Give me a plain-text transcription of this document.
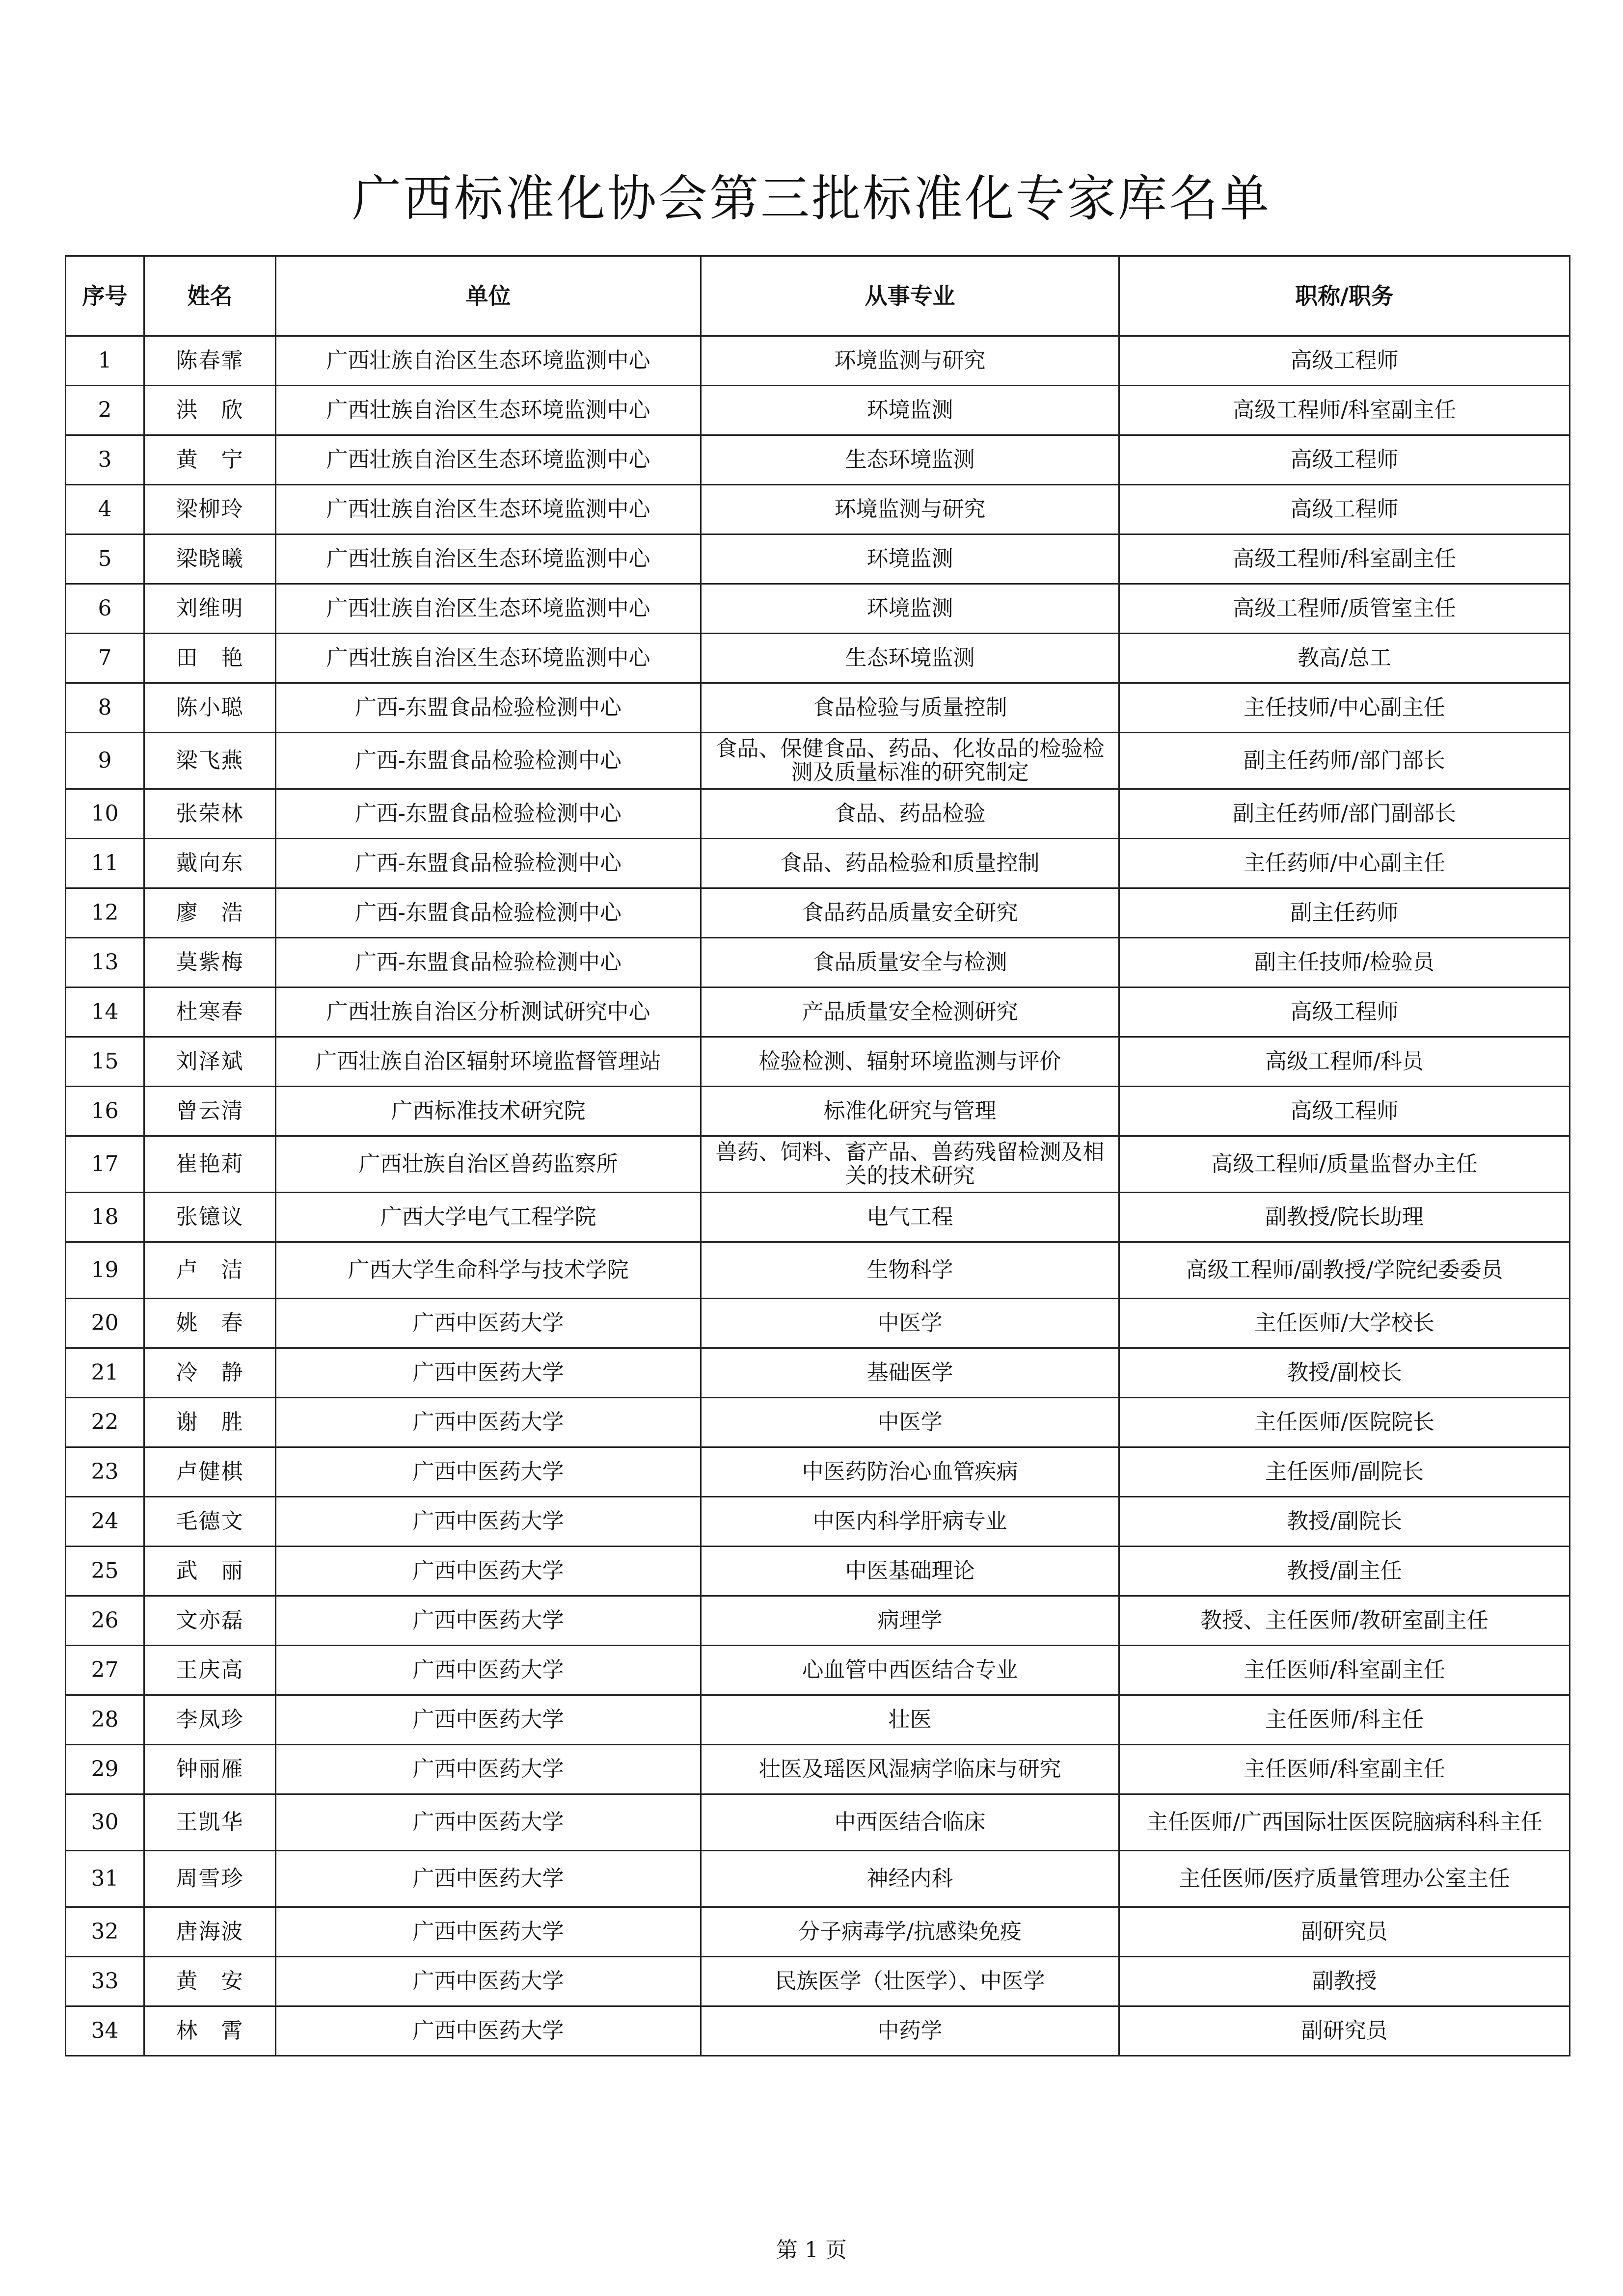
广西标准化协会第三批标准化专家库名单
序号	姓名	单位	从事专业	职称/职务
1	陈春霏	广西壮族自治区生态环境监测中心	环境监测与研究	高级工程师
2	洪　欣	广西壮族自治区生态环境监测中心	环境监测	高级工程师/科室副主任
3	黄　宁	广西壮族自治区生态环境监测中心	生态环境监测	高级工程师
4	梁柳玲	广西壮族自治区生态环境监测中心	环境监测与研究	高级工程师
5	梁晓曦	广西壮族自治区生态环境监测中心	环境监测	高级工程师/科室副主任
6	刘维明	广西壮族自治区生态环境监测中心	环境监测	高级工程师/质管室主任
7	田　艳	广西壮族自治区生态环境监测中心	生态环境监测	教高/总工
8	陈小聪	广西-东盟食品检验检测中心	食品检验与质量控制	主任技师/中心副主任
9	梁飞燕	广西-东盟食品检验检测中心	食品、保健食品、药品、化妆品的检验检测及质量标准的研究制定	副主任药师/部门部长
10	张荣林	广西-东盟食品检验检测中心	食品、药品检验	副主任药师/部门副部长
11	戴向东	广西-东盟食品检验检测中心	食品、药品检验和质量控制	主任药师/中心副主任
12	廖　浩	广西-东盟食品检验检测中心	食品药品质量安全研究	副主任药师
13	莫紫梅	广西-东盟食品检验检测中心	食品质量安全与检测	副主任技师/检验员
14	杜寒春	广西壮族自治区分析测试研究中心	产品质量安全检测研究	高级工程师
15	刘泽斌	广西壮族自治区辐射环境监督管理站	检验检测、辐射环境监测与评价	高级工程师/科员
16	曾云清	广西标准技术研究院	标准化研究与管理	高级工程师
17	崔艳莉	广西壮族自治区兽药监察所	兽药、饲料、畜产品、兽药残留检测及相关的技术研究	高级工程师/质量监督办主任
18	张镱议	广西大学电气工程学院	电气工程	副教授/院长助理
19	卢　洁	广西大学生命科学与技术学院	生物科学	高级工程师/副教授/学院纪委委员
20	姚　春	广西中医药大学	中医学	主任医师/大学校长
21	冷　静	广西中医药大学	基础医学	教授/副校长
22	谢　胜	广西中医药大学	中医学	主任医师/医院院长
23	卢健棋	广西中医药大学	中医药防治心血管疾病	主任医师/副院长
24	毛德文	广西中医药大学	中医内科学肝病专业	教授/副院长
25	武　丽	广西中医药大学	中医基础理论	教授/副主任
26	文亦磊	广西中医药大学	病理学	教授、主任医师/教研室副主任
27	王庆高	广西中医药大学	心血管中西医结合专业	主任医师/科室副主任
28	李凤珍	广西中医药大学	壮医	主任医师/科主任
29	钟丽雁	广西中医药大学	壮医及瑶医风湿病学临床与研究	主任医师/科室副主任
30	王凯华	广西中医药大学	中西医结合临床	主任医师/广西国际壮医医院脑病科科主任
31	周雪珍	广西中医药大学	神经内科	主任医师/医疗质量管理办公室主任
32	唐海波	广西中医药大学	分子病毒学/抗感染免疫	副研究员
33	黄　安	广西中医药大学	民族医学（壮医学）、中医学	副教授
34	林　霄	广西中医药大学	中药学	副研究员
第 1 页
